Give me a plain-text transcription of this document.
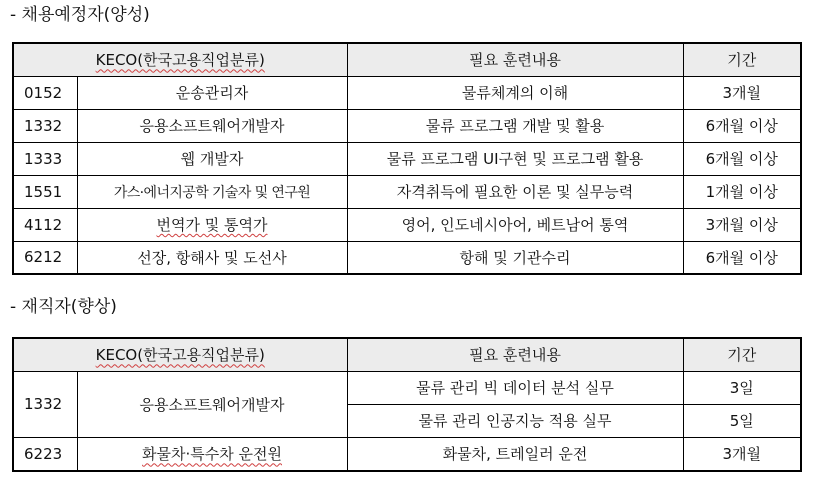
- 채용예정자(양성)
KECO(한국고용직업분류)		필요 훈련내용	기간
0152	운송관리자	물류체계의 이해	3개월
1332	응용소프트웨어개발자	물류 프로그램 개발 및 활용	6개월 이상
1333	웹 개발자	물류 프로그램 UI구현 및 프로그램 활용	6개월 이상
1551	가스·에너지공학 기술자 및 연구원	자격취득에 필요한 이론 및 실무능력	1개월 이상
4112	번역가 및 통역가	영어, 인도네시아어, 베트남어 통역	3개월 이상
6212	선장, 항해사 및 도선사	항해 및 기관수리	6개월 이상
- 재직자(향상)
KECO(한국고용직업분류)		필요 훈련내용	기간
1332	응용소프트웨어개발자	물류 관리 빅 데이터 분석 실무	3일
		물류 관리 인공지능 적용 실무	5일
6223	화물차·특수차 운전원	화물차, 트레일러 운전	3개월
